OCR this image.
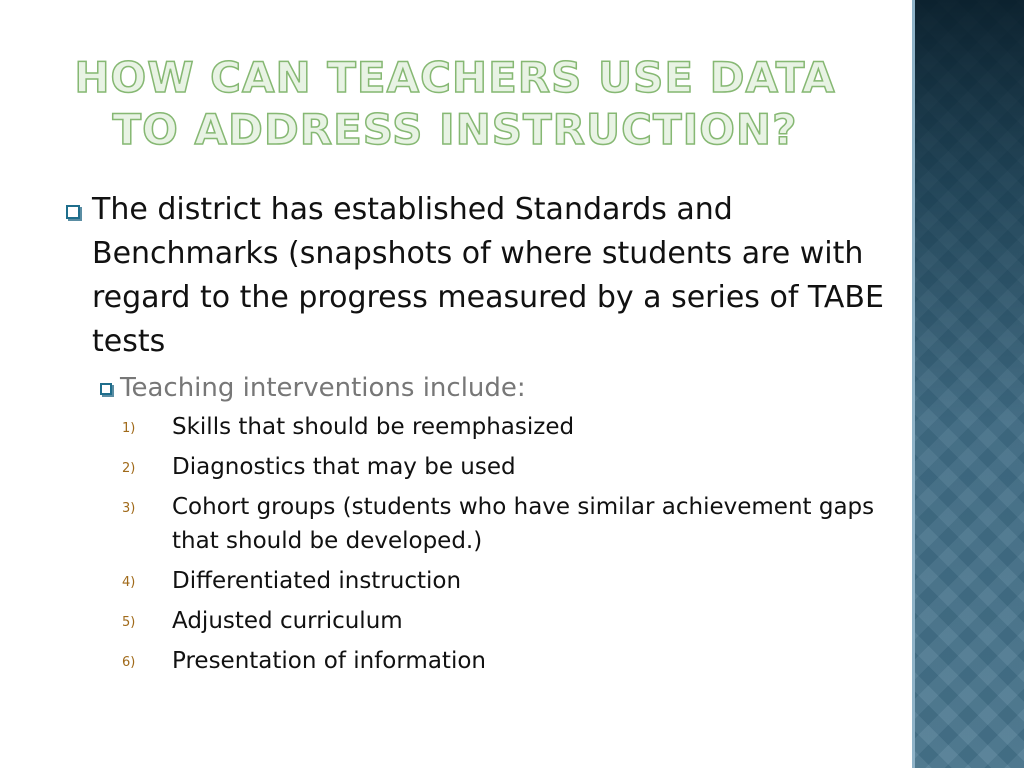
HOW CAN TEACHERS USE DATA TO ADDRESS INSTRUCTION?

The district has established Standards and Benchmarks (snapshots of where students are with regard to the progress measured by a series of TABE tests

Teaching interventions include:
1) Skills that should be reemphasized
2) Diagnostics that may be used
3) Cohort groups (students who have similar achievement gaps that should be developed.)
4) Differentiated instruction
5) Adjusted curriculum
6) Presentation of information
